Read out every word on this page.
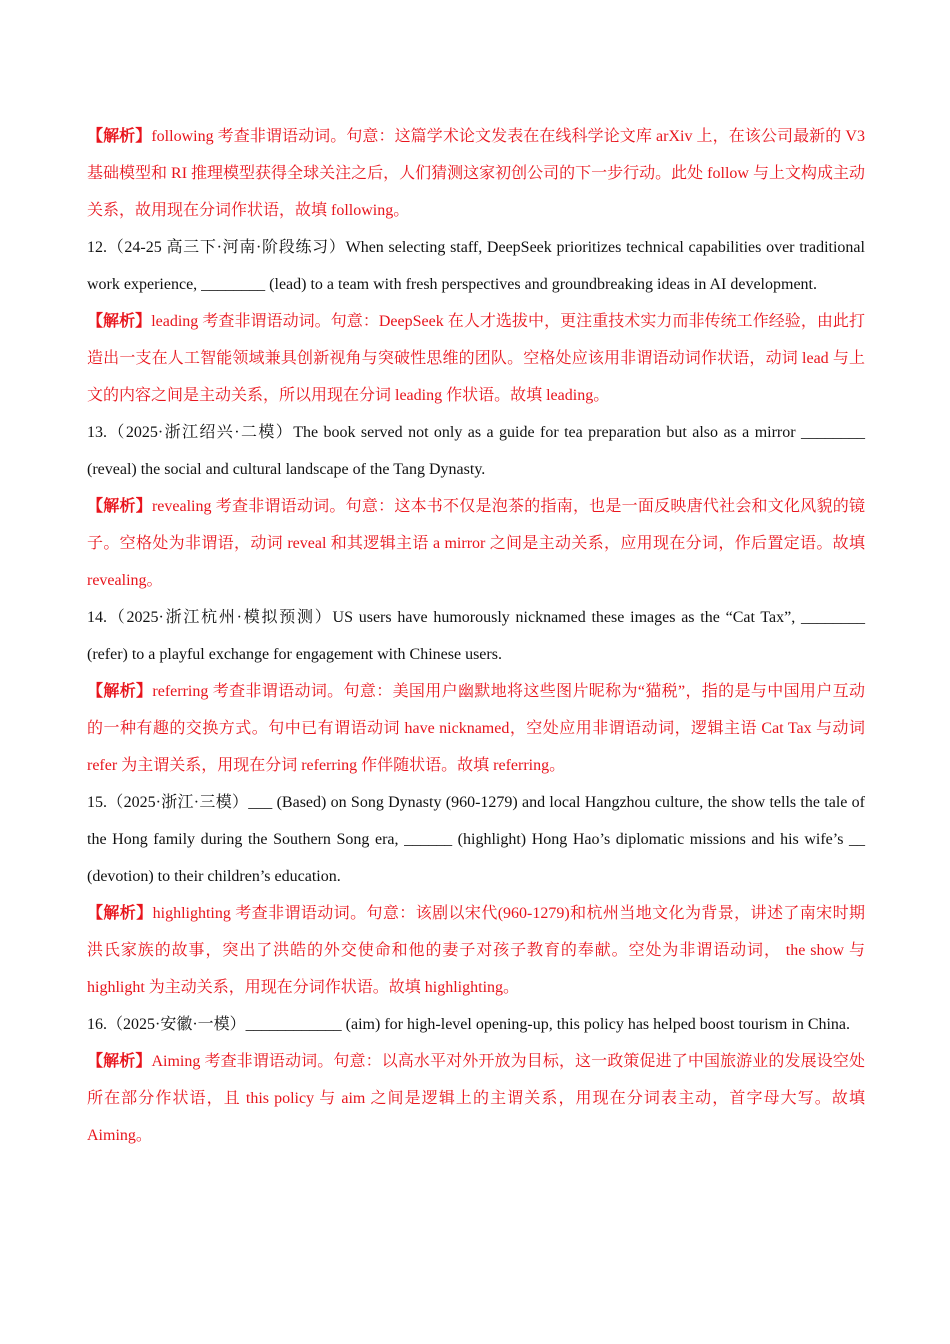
【解析】following 考查非谓语动词。句意：这篇学术论文发表在在线科学论文库 arXiv 上，在该公司最新的 V3 基础模型和 RI 推理模型获得全球关注之后，人们猜测这家初创公司的下一步行动。此处 follow 与上文构成主动关系，故用现在分词作状语，故填 following。

12.（24-25 高三下·河南·阶段练习）When selecting staff, DeepSeek prioritizes technical capabilities over traditional work experience, ________ (lead) to a team with fresh perspectives and groundbreaking ideas in AI development.

【解析】leading 考查非谓语动词。句意：DeepSeek 在人才选拔中，更注重技术实力而非传统工作经验，由此打造出一支在人工智能领域兼具创新视角与突破性思维的团队。空格处应该用非谓语动词作状语，动词 lead 与上文的内容之间是主动关系，所以用现在分词 leading 作状语。故填 leading。

13.（2025·浙江绍兴·二模）The book served not only as a guide for tea preparation but also as a mirror ________ (reveal) the social and cultural landscape of the Tang Dynasty.

【解析】revealing 考查非谓语动词。句意：这本书不仅是泡茶的指南，也是一面反映唐代社会和文化风貌的镜子。空格处为非谓语，动词 reveal 和其逻辑主语 a mirror 之间是主动关系，应用现在分词，作后置定语。故填 revealing。

14.（2025·浙江杭州·模拟预测）US users have humorously nicknamed these images as the “Cat Tax”, ________ (refer) to a playful exchange for engagement with Chinese users.

【解析】referring 考查非谓语动词。句意：美国用户幽默地将这些图片昵称为“猫税”，指的是与中国用户互动的一种有趣的交换方式。句中已有谓语动词 have nicknamed，空处应用非谓语动词，逻辑主语 Cat Tax 与动词 refer 为主谓关系，用现在分词 referring 作伴随状语。故填 referring。

15.（2025·浙江·三模）___ (Based) on Song Dynasty (960-1279) and local Hangzhou culture, the show tells the tale of the Hong family during the Southern Song era, ______ (highlight) Hong Hao’s diplomatic missions and his wife’s __ (devotion) to their children’s education.

【解析】highlighting 考查非谓语动词。句意：该剧以宋代(960-1279)和杭州当地文化为背景，讲述了南宋时期洪氏家族的故事，突出了洪皓的外交使命和他的妻子对孩子教育的奉献。空处为非谓语动词， the show 与 highlight 为主动关系，用现在分词作状语。故填 highlighting。

16.（2025·安徽·一模）____________ (aim) for high-level opening-up, this policy has helped boost tourism in China.

【解析】Aiming 考查非谓语动词。句意：以高水平对外开放为目标，这一政策促进了中国旅游业的发展设空处所在部分作状语，且 this policy 与 aim 之间是逻辑上的主谓关系，用现在分词表主动，首字母大写。故填 Aiming。
